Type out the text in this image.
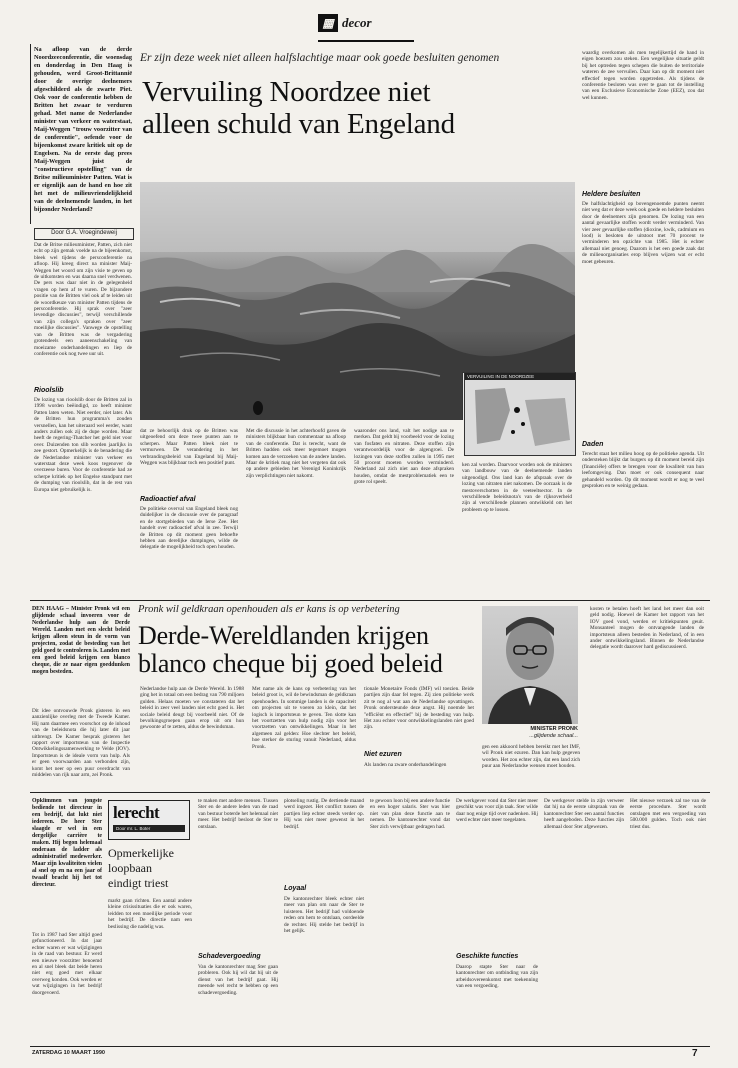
▦ decor
Na afloop van de derde Noordzeeconferentie, die woensdag en donderdag in Den Haag is gehouden, werd Groot-Brittannië door de overige deelnemers afgeschilderd als de zwarte Piet. Ook voor de conferentie hebben de Britten het zwaar te verduren gehad. Met name de Nederlandse minister van verkeer en waterstaat, Maij-Weggen "trouw voorzitter van de conferentie", oefende voor de bijeenkomst zware kritiek uit op de Engelsen. Na de eerste dag prees Maij-Weggen juist de "constructieve opstelling" van de Britse milieuminister Patten. Wat is er eigenlijk aan de hand en hoe zit het met de milieuvriendelijkheid van de deelnemende landen, in het bijzonder Nederland?
Door G.A. Vroegindeweij
Dat de Britse milieuminister, Patten, zich niet echt op zijn gemak voelde na de bijeenkomst, bleek wel tijdens de persconferentie na afloop. Hij kreeg direct na minister Maij-Weggen het woord om zijn visie te geven op de uitkomsten en was daarna snel verdwenen. De pers was daar niet in de gelegenheid vragen op hem af te vuren. De bijzondere positie van de Britten viel ook af te leiden uit de woordkeuze van minister Patten tijdens de persconferentie. Hij sprak over "zeer levendige discussies", terwijl verschillende van zijn collega's spraken over "zeer moeilijke discussies". Vanwege de opstelling van de Britten was de vergadering grotendeels een aaneenschakeling van moeizame onderhandelingen en liep de conferentie ook nog twee uur uit.
Rioolslib
De lozing van rioolslib door de Britten zal in 1998 worden beëindigd, zo heeft minister Patten laten weten. Niet eerder, niet later. Als de Britten hun programma's zouden versnellen, kan het uiteraard wel eerder, want anders zullen ook zij de dupe worden. Maar heeft de regering-Thatcher het geld niet voor over. Duizenden ton slib worden jaarlijks in zee gestort. Opmerkelijk is de benadering die de Nederlandse minister van verkeer en waterstaat deze week koos tegenover de overzeese buren. Voor de conferentie had ze scherpe kritiek op het Engelse standpunt met de dumping van rioolslib, dat in de rest van Europa niet gebruikelijk is.
Er zijn deze week niet alleen halfslachtige maar ook goede besluiten genomen
Vervuiling Noordzee niet
alleen schuld van Engeland
VERVUILING IN DE NOORDZEE
dat ze behoorlijk druk op de Britten was uitgeoefend om deze twee punten aan te scherpen. Maar Patten bleek niet te vermurwen. De verandering in het verbrandingsbeleid van Engeland bij Maij-Weggen was blijkbaar toch een positief punt.
Radioactief afval
De politieke overval van Engeland bleek nog duidelijker in de discussie over de paragraaf en de stortgebieden van de Ierse Zee. Het handelt over radioactief afval in zee. Terwijl de Britten op dit moment geen behoefte hebben aan derelijke dumpingen, wilde de delegatie de mogelijkheid toch open houden.
Met die discussie in het achterhoofd gaven de ministers blijkbaar hun commentaar na afloop van de conferentie. Dat is terecht, want de Britten hadden ook meer tegemoet mogen komen aan de verzoeken van de andere landen. Maar de kritiek mag niet het vergeten dat ook op andere gebieden het Verenigd Koninkrijk zijn verplichtingen niet nakomt.
waaronder ons land, valt het nodige aan te merken. Dat geldt bij voorbeeld voor de lozing van fosfaten en nitraten. Deze stoffen zijn verantwoordelijk voor de algengroei. De lozingen van deze stoffen zullen in 1995 met 50 procent moeten worden verminderd. Nederland zal zich niet aan deze afspraken houden, omdat de mestproblematiek een te grote rol speelt.
ken zal worden. Daarvoor worden ook de ministers van landbouw van de deelnemende landen uitgenodigd. Ons land kan de afspraak over de lozing van nitraten niet nakomen. De oorzaak is de mestoverschotten in de veeteeltsector. In de verschillende beleidsnota's van de rijksoverheid zijn al verschillende plannen ontwikkeld om het probleem op te lossen.
waardig overkomen als men tegelijkertijd de hand in eigen boezem zou steken. Een wegelijkse situatie geldt bij het optreden tegen schepen die buiten de territoriale wateren de zee vervuilen. Daar kan op dit moment niet effectief tegen worden opgetreden. Als tijdens de conferentie besloten was over te gaan tot de instelling van een Exclusieve Economische Zone (EEZ), zou dat wel kunnen.
Heldere besluiten
De halfslachtigheid op bovengenoemde punten neemt niet weg dat er deze week ook goede en heldere besluiten door de deelnemers zijn genomen. De lozing van een aantal gevaarlijke stoffen wordt verder verminderd. Van vier zeer gevaarlijke stoffen (dioxine, kwik, cadmium en lood) is besloten de uitstoot met 70 procent te verminderen ten opzichte van 1985. Het is echter allemaal niet genoeg. Daarom is het een goede zaak dat de milieuorganisaties erop blijven wijzen wat er echt moet gebeuren.
Daden
Terecht staat het milieu hoog op de politieke agenda. Uit ondersteken blijkt dat burgers op dit moment bereid zijn (financiële) offers te brengen voor de kwaliteit van hun leefomgeving. Dan moet er ook consequent naar gehandeld worden. Op dit moment wordt er nog te veel gesproken en te weinig gedaan.
Pronk wil geldkraan openhouden als er kans is op verbetering
Derde-Wereldlanden krijgen
blanco cheque bij goed beleid
DEN HAAG – Minister Pronk wil een glijdende schaal invoeren voor de Nederlandse hulp aan de Derde Wereld. Landen met een slecht beleid krijgen alleen steun in de vorm van projecten, zodat de besteding van het geld goed te controleren is. Landen met een goed beleid krijgen een blanco cheque, die ze naar eigen goeddunken mogen besteden.
Dit idee ontvouwde Pronk gisteren in een aanzienlijke overleg met de Tweede Kamer. Hij nam daarmee een voorschot op de inhoud van de beleidsnota die hij later dit jaar uitbrengt. De Kamer besprak gisteren het rapport over importsteun van de Inspectie Ontwikkelingssamenwerking te Velde (IOV). Importsteun is de ideale vorm van hulp. Als er geen voorwaarden aan verbonden zijn, komt het neer op een puur overdracht van middelen van rijk naar arm, zei Pronk.
Nederlandse hulp aan de Derde Wereld. In 1988 ging het in totaal om een bedrag van 790 miljoen gulden. Helaas moeten we constateren dat het beleid in zeer veel landen niet echt goed is. Het sociale beleid deugt bij voorbeeld niet. Of de bevolkingsgroepen gaan erop uit om hun gewoonte af te zetten, aldus de bewindsman.
Met name als de kans op verbetering van het beleid groot is, wil de bewindsman de geldkraan openhouden. In sommige landen is de capaciteit om projecten uit te voeren zo klein, dat het logisch is importsteun te geven. Ten slotte kan het voortzetten van hulp nodig zijn voor het voortzetten van ontwikkelingen. Maar in het algemeen zal gelden: Hoe slechter het beleid, hoe sterker de sturing vanuit Nederland, aldus Pronk.
tionale Monetaire Fonds (IMF) wil toezien. Beide partijen zijn daar fel tegen. Zij zien politieke werk zit te nog al wat aan de Nederlandse opvattingen. Pronk ondersteunde deze angst. Hij noemde het "efficiënt en effectief" bij de besteding van hulp. Het zou echter voor ontwikkelingslanden niet goed zijn.
Niet ezuren
Als landen na zware onderhandelingen
MINISTER PRONK
...glijdende schaal...
gen een akkoord hebben bereikt met het IMF, wil Pronk niet ezuren. Dan kan hulp gegeven worden. Het zou echter zijn, dat een land zich puur aan Nederlandse wensen moet houden.
kosten te betalen hoeft het land het meer dan ooit geld nodig. Hoewel de Kamer het rapport van het IOV goed vond, werden er kritiekpunten geuit. Monsanteel mogen de ontvangende landen de importsteun alleen besteden in Nederland, of in een ander ontwikkelingsland. Binnen de Nederlandse delegatie wordt daarover hard gediscussieerd.
Opklimmen van jongste bediende tot directeur in een bedrijf, dat lukt niet iedereen. De heer Ster slaagde er wel in een dergelijke carrière te maken. Hij begon helemaal onderaan de ladder als administratief medewerker. Maar zijn kwaliteiten vielen al snel op en na een jaar of twaalf bracht hij het tot directeur.
Tot in 1987 had Ster altijd goed gefunctioneerd. In dat jaar echter waren er wat wijzigingen in de raad van bestuur. Er werd een nieuwe voorzitter benoemd en al snel bleek dat beide heren niet erg goed met elkaar overweg konden. Ook werden er wat wijzigingen in het bedrijf doorgevoerd.
lerecht
Door mr. L. Boter
Opmerkelijke
loopbaan
eindigt triest
markt gaan richten. Een aantal andere kleine crisissituaties die er ook waren, leidden tot een moeilijke periode voor het bedrijf. De directie nam een beslissing die nadelig was.
te maken met andere mensen. Tussen Ster en de andere leden van de raad van bestuur boterde het helemaal niet meer. Het bedrijf besloot de Ster te ontslaan.
Schadevergoeding
Van de kantonrechter mag Ster gaan probleren. Ook hij wil dat hij uit de dienst van het bedrijf gaat. Hij meende wel recht te hebben op een schadevergoeding.
plotseling rustig. De dertiende maand werd ingezet. Het conflict tussen de partijen liep echter steeds verder op. Hij was niet meer gewenst in het bedrijf.
Loyaal
De kantonrechter bleek echter niet meer van plan om naar de Ster te luisteren. Het bedrijf had voldoende reden om hem te ontslaan, oordeelde de rechter. Hij stelde het bedrijf in het gelijk.
te gewoon loon bij een andere functie en een hoger salaris. Ster was hier niet van plan deze functie aan te nemen. De kantonrechter vond dat Ster zich verwijtbaar gedragen had.
De werkgever vond dat Ster niet meer geschikt was voor zijn taak. Ster wilde daar nog enige tijd over nadenken. Hij werd echter niet meer toegelaten.
Geschikte functies
Daarop stapte Ster naar de kantonrechter om ontbinding van zijn arbeidsovereenkomst met toekenning van een vergoeding.
De werkgever stelde in zijn verweer dat hij na de eerste uitspraak van de kantonrechter Ster een aantal functies heeft aangeboden. Deze functies zijn allemaal door Ster afgewezen.
Het nieuwe verzoek zal toe van de eerste procedure. Ster wordt ontslagen met een vergoeding van 500.000 gulden. Toch ook niet triest dus.
ZATERDAG 10 MAART 1990	7
